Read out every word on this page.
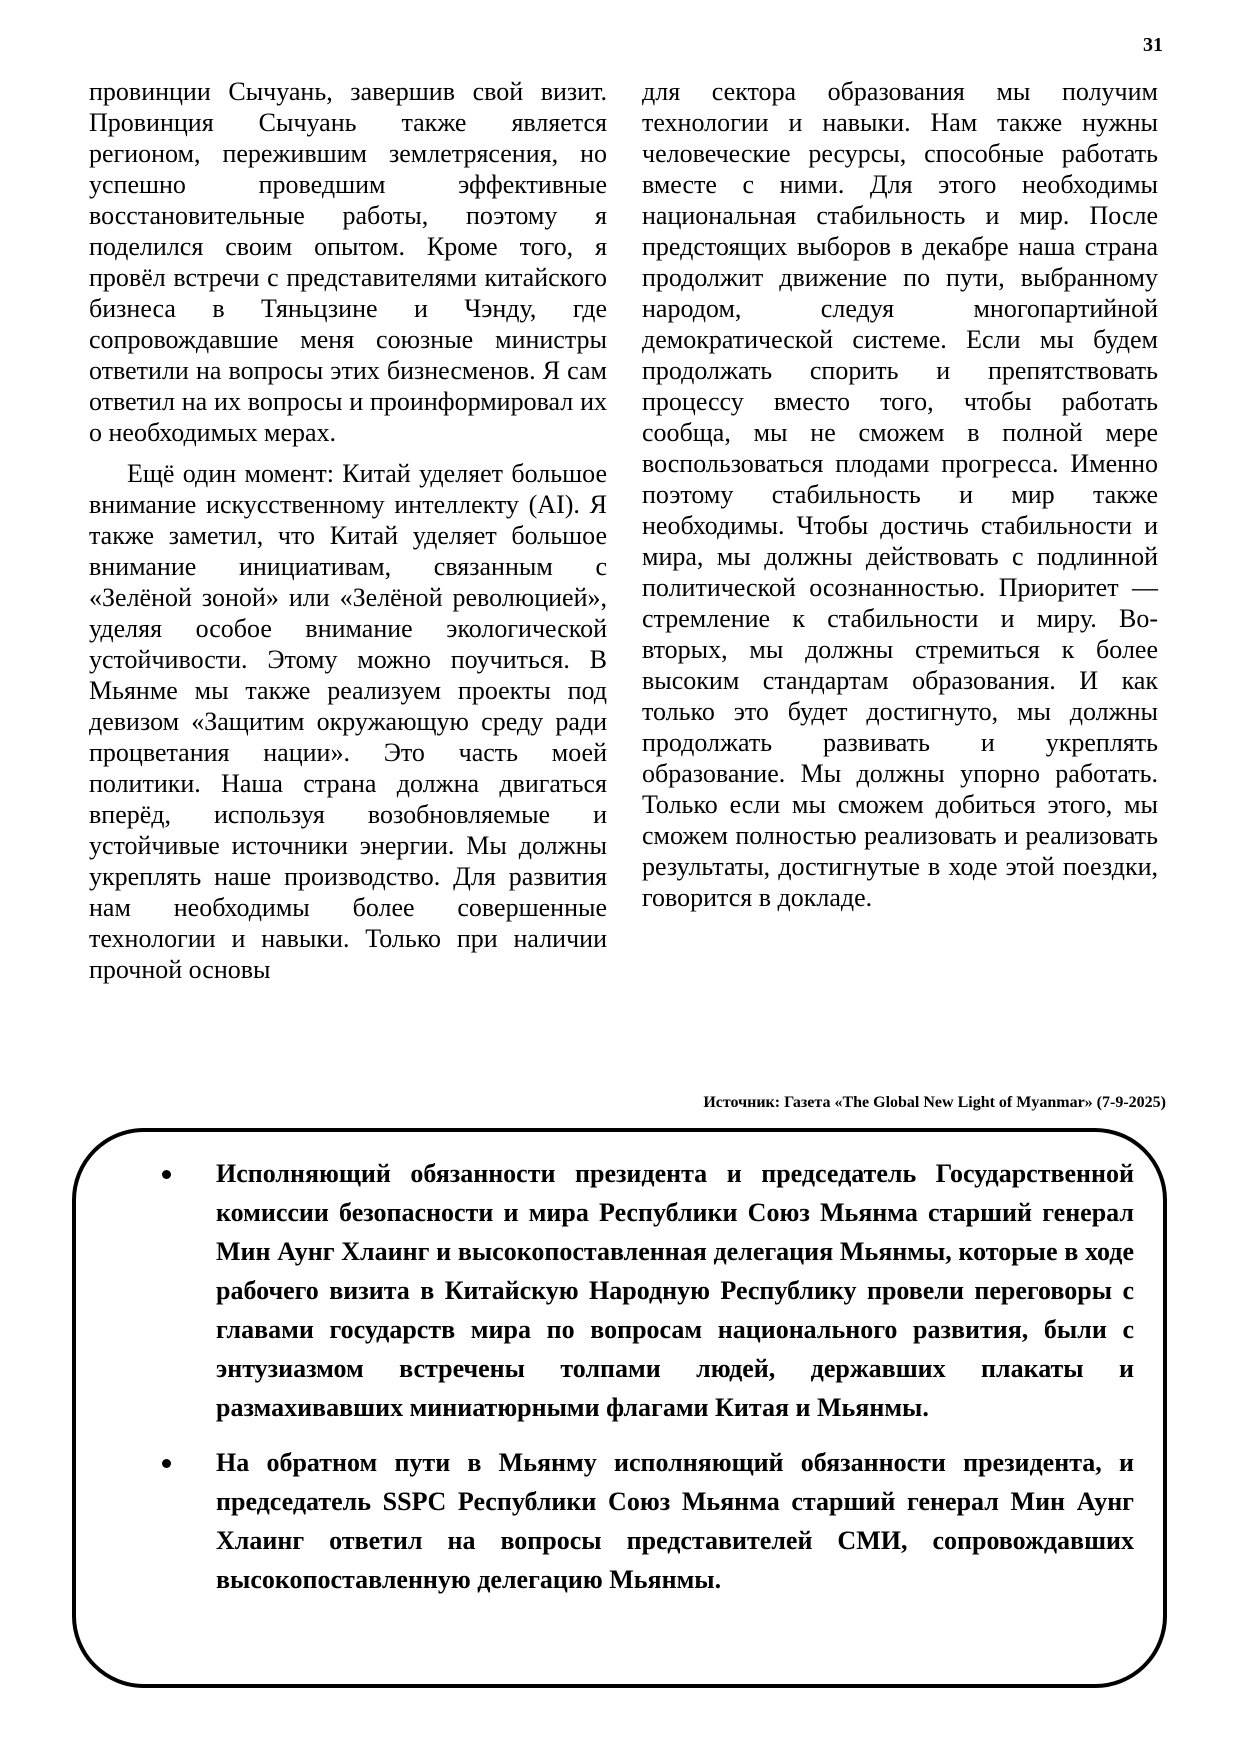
31

провинции Сычуань, завершив свой визит. Провинция Сычуань также является регионом, пережившим землетрясения, но успешно проведшим эффективные восстановительные работы, поэтому я поделился своим опытом. Кроме того, я провёл встречи с представителями китайского бизнеса в Тяньцзине и Чэнду, где сопровождавшие меня союзные министры ответили на вопросы этих бизнесменов. Я сам ответил на их вопросы и проинформировал их о необходимых мерах.

Ещё один момент: Китай уделяет большое внимание искусственному интеллекту (AI). Я также заметил, что Китай уделяет большое внимание инициативам, связанным с «Зелёной зоной» или «Зелёной революцией», уделяя особое внимание экологической устойчивости. Этому можно поучиться. В Мьянме мы также реализуем проекты под девизом «Защитим окружающую среду ради процветания нации». Это часть моей политики. Наша страна должна двигаться вперёд, используя возобновляемые и устойчивые источники энергии. Мы должны укреплять наше производство. Для развития нам необходимы более совершенные технологии и навыки. Только при наличии прочной основы

для сектора образования мы получим технологии и навыки. Нам также нужны человеческие ресурсы, способные работать вместе с ними. Для этого необходимы национальная стабильность и мир. После предстоящих выборов в декабре наша страна продолжит движение по пути, выбранному народом, следуя многопартийной демократической системе. Если мы будем продолжать спорить и препятствовать процессу вместо того, чтобы работать сообща, мы не сможем в полной мере воспользоваться плодами прогресса. Именно поэтому стабильность и мир также необходимы. Чтобы достичь стабильности и мира, мы должны действовать с подлинной политической осознанностью. Приоритет — стремление к стабильности и миру. Во-вторых, мы должны стремиться к более высоким стандартам образования. И как только это будет достигнуто, мы должны продолжать развивать и укреплять образование. Мы должны упорно работать. Только если мы сможем добиться этого, мы сможем полностью реализовать и реализовать результаты, достигнутые в ходе этой поездки, говорится в докладе.

Источник: Газета «The Global New Light of Myanmar» (7-9-2025)
Исполняющий обязанности президента и председатель Государственной комиссии безопасности и мира Республики Союз Мьянма старший генерал Мин Аунг Хлаинг и высокопоставленная делегация Мьянмы, которые в ходе рабочего визита в Китайскую Народную Республику провели переговоры с главами государств мира по вопросам национального развития, были с энтузиазмом встречены толпами людей, державших плакаты и размахивавших миниатюрными флагами Китая и Мьянмы.
На обратном пути в Мьянму исполняющий обязанности президента, и председатель SSPC Республики Союз Мьянма старший генерал Мин Аунг Хлаинг ответил на вопросы представителей СМИ, сопровождавших высокопоставленную делегацию Мьянмы.
